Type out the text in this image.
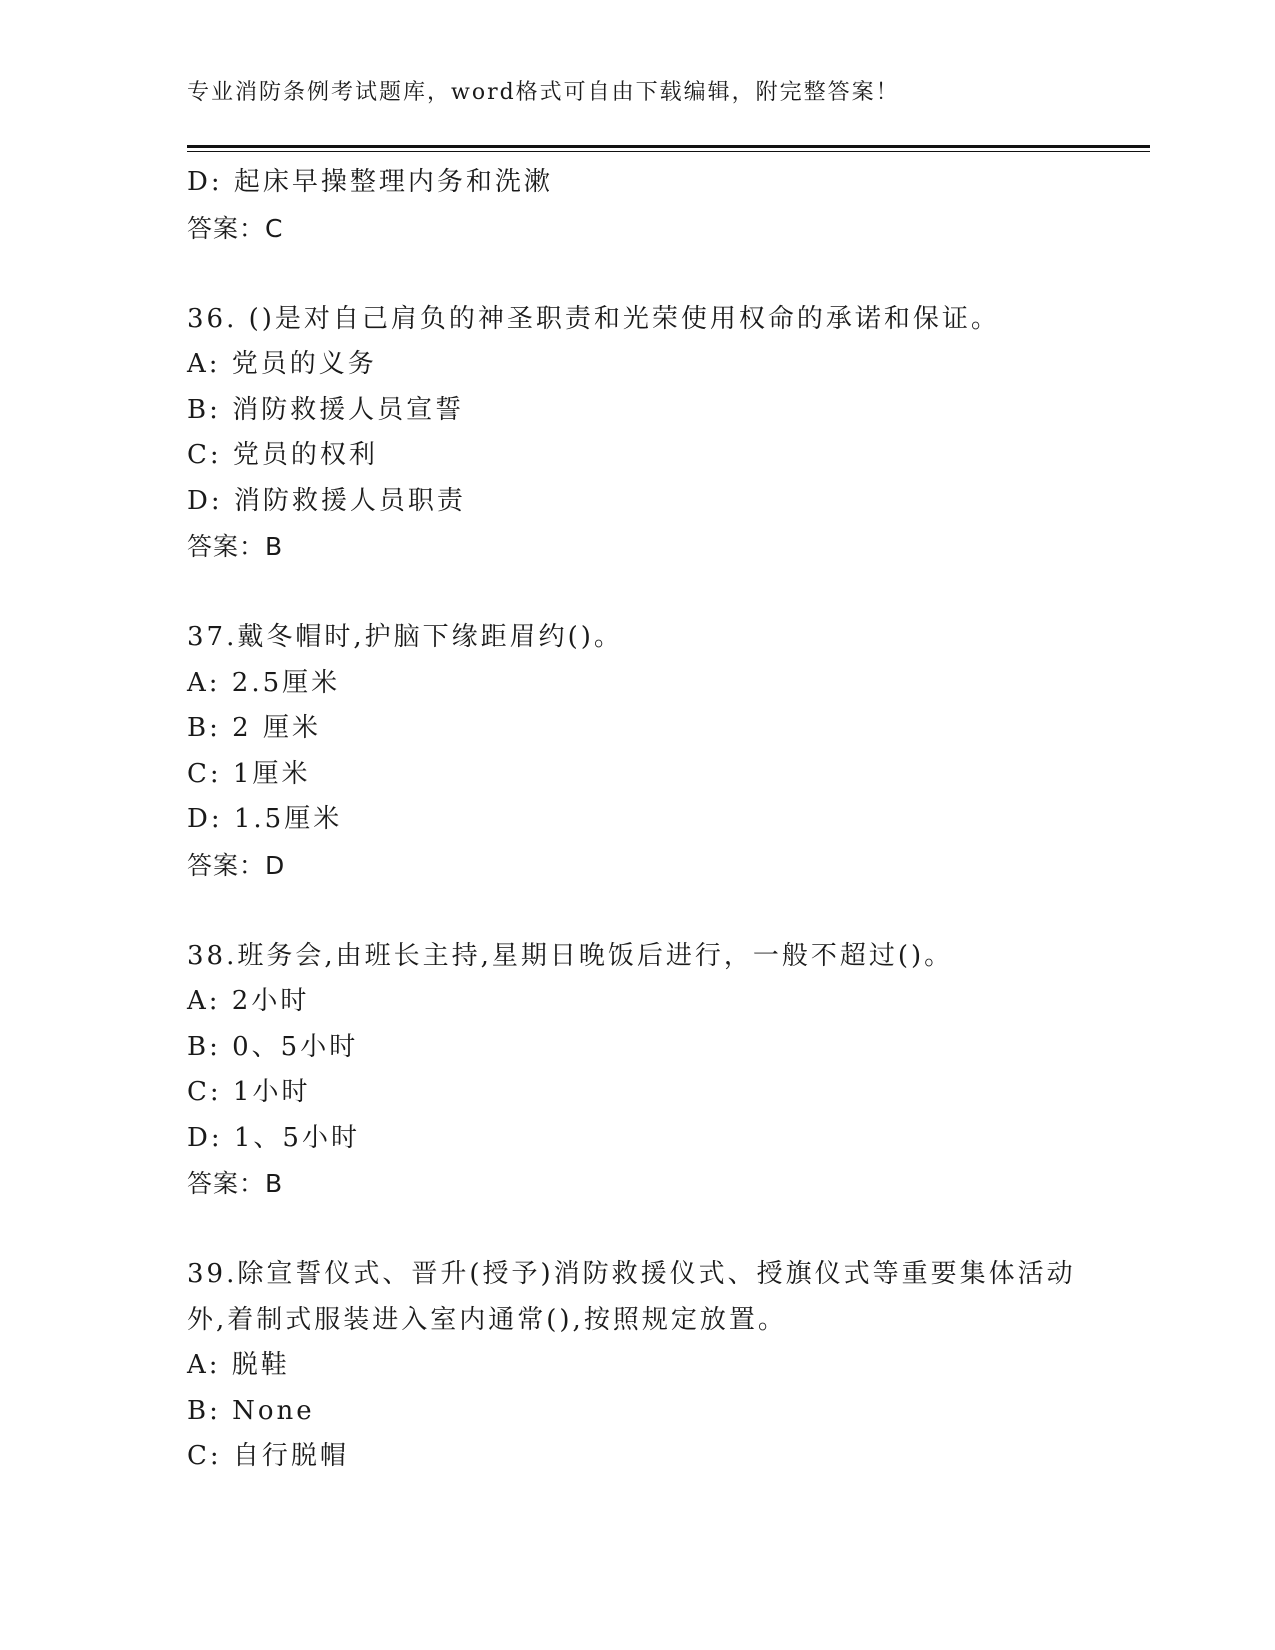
专业消防条例考试题库，word格式可自由下载编辑，附完整答案！
D: 起床早操整理内务和洗漱
答案：C
36. ()是对自己肩负的神圣职责和光荣使用权命的承诺和保证。
A: 党员的义务
B: 消防救援人员宣誓
C: 党员的权利
D: 消防救援人员职责
答案：B
37.戴冬帽时,护脑下缘距眉约()。
A: 2.5厘米
B: 2 厘米
C: 1厘米
D: 1.5厘米
答案：D
38.班务会,由班长主持,星期日晚饭后进行，一般不超过()。
A: 2小时
B: 0、5小时
C: 1小时
D: 1、5小时
答案：B
39.除宣誓仪式、晋升(授予)消防救援仪式、授旗仪式等重要集体活动
外,着制式服装进入室内通常(),按照规定放置。
A: 脱鞋
B: None
C: 自行脱帽
